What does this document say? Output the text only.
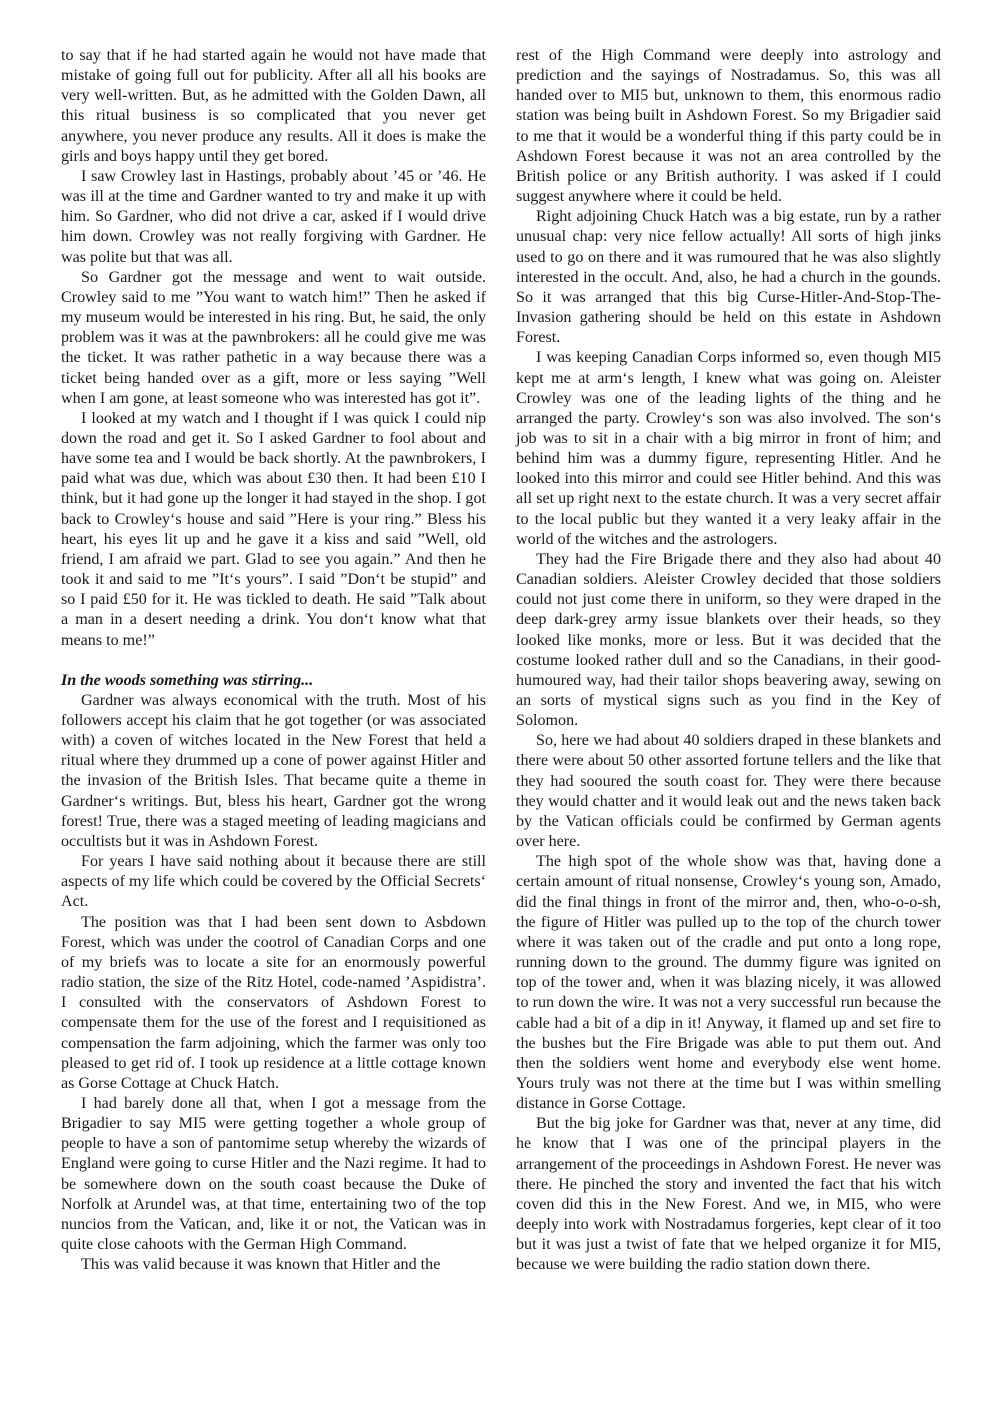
to say that if he had started again he would not have made that mistake of going full out for publicity. After all all his books are very well-written. But, as he admitted with the Golden Dawn, all this ritual business is so complicated that you never get anywhere, you never produce any results. All it does is make the girls and boys happy until they get bored.

I saw Crowley last in Hastings, probably about ’45 or ’46. He was ill at the time and Gardner wanted to try and make it up with him. So Gardner, who did not drive a car, asked if I would drive him down. Crowley was not really forgiving with Gardner. He was polite but that was all.

So Gardner got the message and went to wait outside. Crowley said to me ”You want to watch him!” Then he asked if my museum would be interested in his ring. But, he said, the only problem was it was at the pawnbrokers: all he could give me was the ticket. It was rather pathetic in a way because there was a ticket being handed over as a gift, more or less saying ”Well when I am gone, at least someone who was interested has got it”.

I looked at my watch and I thought if I was quick I could nip down the road and get it. So I asked Gardner to fool about and have some tea and I would be back shortly. At the pawnbrokers, I paid what was due, which was about £30 then. It had been £10 I think, but it had gone up the longer it had stayed in the shop. I got back to Crowley‘s house and said ”Here is your ring.” Bless his heart, his eyes lit up and he gave it a kiss and said ”Well, old friend, I am afraid we part. Glad to see you again.” And then he took it and said to me ”It‘s yours”. I said ”Don‘t be stupid” and so I paid £50 for it. He was tickled to death. He said ”Talk about a man in a desert needing a drink. You don‘t know what that means to me!”

In the woods something was stirring...

Gardner was always economical with the truth. Most of his followers accept his claim that he got together (or was associated with) a coven of witches located in the New Forest that held a ritual where they drummed up a cone of power against Hitler and the invasion of the British Isles. That became quite a theme in Gardner‘s writings. But, bless his heart, Gardner got the wrong forest! True, there was a staged meeting of leading magicians and occultists but it was in Ashdown Forest.

For years I have said nothing about it because there are still aspects of my life which could be covered by the Official Secrets‘ Act.

The position was that I had been sent down to Asbdown Forest, which was under the cootrol of Canadian Corps and one of my briefs was to locate a site for an enormously powerful radio station, the size of the Ritz Hotel, code-named ’Aspidistra’. I consulted with the conservators of Ashdown Forest to compensate them for the use of the forest and I requisitioned as compensation the farm adjoining, which the farmer was only too pleased to get rid of. I took up residence at a little cottage known as Gorse Cottage at Chuck Hatch.

I had barely done all that, when I got a message from the Brigadier to say MI5 were getting together a whole group of people to have a son of pantomime setup whereby the wizards of England were going to curse Hitler and the Nazi regime. It had to be somewhere down on the south coast because the Duke of Norfolk at Arundel was, at that time, entertaining two of the top nuncios from the Vatican, and, like it or not, the Vatican was in quite close cahoots with the German High Command.

This was valid because it was known that Hitler and the

rest of the High Command were deeply into astrology and prediction and the sayings of Nostradamus. So, this was all handed over to MI5 but, unknown to them, this enormous radio station was being built in Ashdown Forest. So my Brigadier said to me that it would be a wonderful thing if this party could be in Ashdown Forest because it was not an area controlled by the British police or any British authority. I was asked if I could suggest anywhere where it could be held.

Right adjoining Chuck Hatch was a big estate, run by a rather unusual chap: very nice fellow actually! All sorts of high jinks used to go on there and it was rumoured that he was also slightly interested in the occult. And, also, he had a church in the gounds. So it was arranged that this big Curse-Hitler-And-Stop-The-Invasion gathering should be held on this estate in Ashdown Forest.

I was keeping Canadian Corps informed so, even though MI5 kept me at arm‘s length, I knew what was going on. Aleister Crowley was one of the leading lights of the thing and he arranged the party. Crowley‘s son was also involved. The son‘s job was to sit in a chair with a big mirror in front of him; and behind him was a dummy figure, representing Hitler. And he looked into this mirror and could see Hitler behind. And this was all set up right next to the estate church. It was a very secret affair to the local public but they wanted it a very leaky affair in the world of the witches and the astrologers.

They had the Fire Brigade there and they also had about 40 Canadian soldiers. Aleister Crowley decided that those soldiers could not just come there in uniform, so they were draped in the deep dark-grey army issue blankets over their heads, so they looked like monks, more or less. But it was decided that the costume looked rather dull and so the Canadians, in their good-humoured way, had their tailor shops beavering away, sewing on an sorts of mystical signs such as you find in the Key of Solomon.

So, here we had about 40 soldiers draped in these blankets and there were about 50 other assorted fortune tellers and the like that they had sooured the south coast for. They were there because they would chatter and it would leak out and the news taken back by the Vatican officials could be confirmed by German agents over here.

The high spot of the whole show was that, having done a certain amount of ritual nonsense, Crowley‘s young son, Amado, did the final things in front of the mirror and, then, who-o-o-sh, the figure of Hitler was pulled up to the top of the church tower where it was taken out of the cradle and put onto a long rope, running down to the ground. The dummy figure was ignited on top of the tower and, when it was blazing nicely, it was allowed to run down the wire. It was not a very successful run because the cable had a bit of a dip in it! Anyway, it flamed up and set fire to the bushes but the Fire Brigade was able to put them out. And then the soldiers went home and everybody else went home. Yours truly was not there at the time but I was within smelling distance in Gorse Cottage.

But the big joke for Gardner was that, never at any time, did he know that I was one of the principal players in the arrangement of the proceedings in Ashdown Forest. He never was there. He pinched the story and invented the fact that his witch coven did this in the New Forest. And we, in MI5, who were deeply into work with Nostradamus forgeries, kept clear of it too but it was just a twist of fate that we helped organize it for MI5, because we were building the radio station down there.
